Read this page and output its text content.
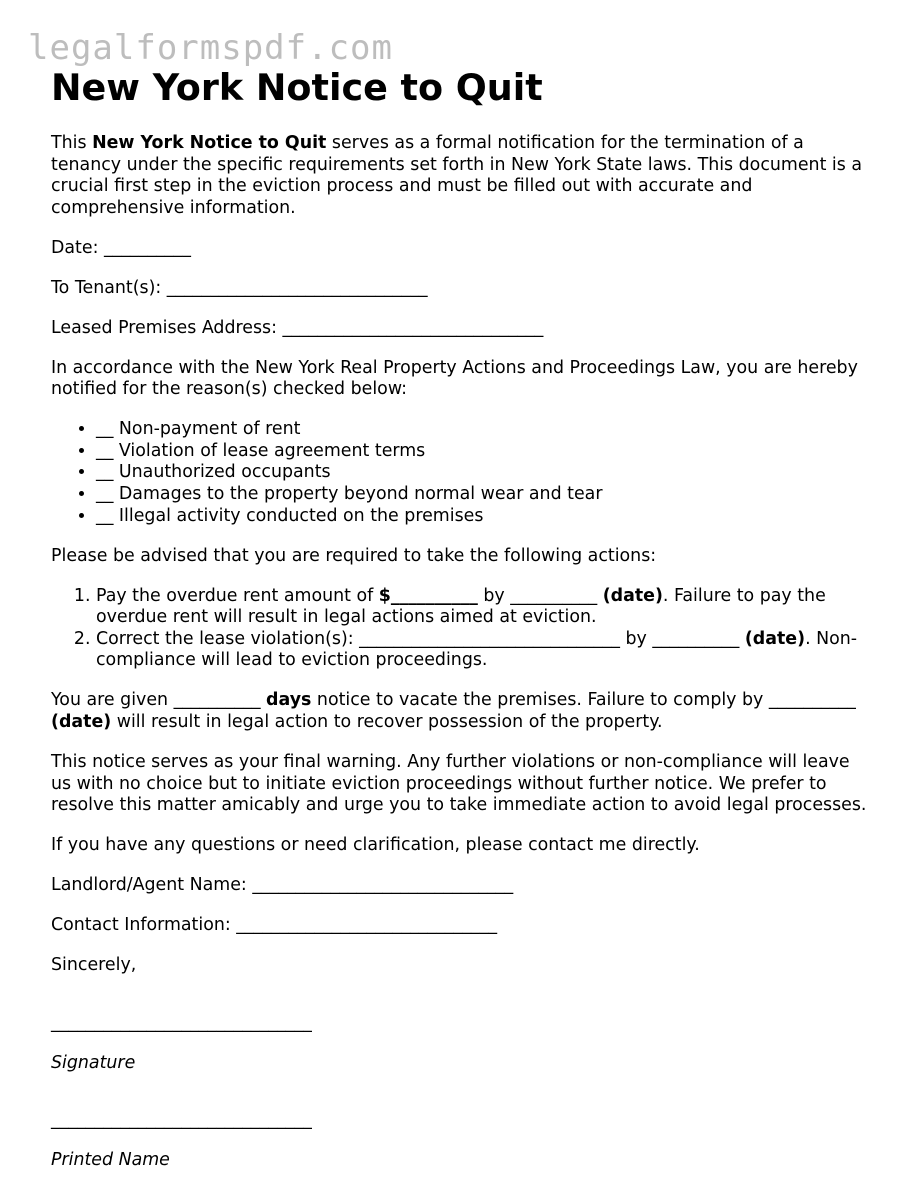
legalformspdf.com
New York Notice to Quit

This New York Notice to Quit serves as a formal notification for the termination of a tenancy under the specific requirements set forth in New York State laws. This document is a crucial first step in the eviction process and must be filled out with accurate and comprehensive information.

Date: __________

To Tenant(s): ______________________________

Leased Premises Address: ______________________________

In accordance with the New York Real Property Actions and Proceedings Law, you are hereby notified for the reason(s) checked below:

• __ Non-payment of rent
• __ Violation of lease agreement terms
• __ Unauthorized occupants
• __ Damages to the property beyond normal wear and tear
• __ Illegal activity conducted on the premises

Please be advised that you are required to take the following actions:

1. Pay the overdue rent amount of $__________ by __________ (date). Failure to pay the overdue rent will result in legal actions aimed at eviction.
2. Correct the lease violation(s): ______________________________ by __________ (date). Non-compliance will lead to eviction proceedings.

You are given __________ days notice to vacate the premises. Failure to comply by __________ (date) will result in legal action to recover possession of the property.

This notice serves as your final warning. Any further violations or non-compliance will leave us with no choice but to initiate eviction proceedings without further notice. We prefer to resolve this matter amicably and urge you to take immediate action to avoid legal processes.

If you have any questions or need clarification, please contact me directly.

Landlord/Agent Name: ______________________________

Contact Information: ______________________________

Sincerely,

______________________________

Signature

______________________________

Printed Name
